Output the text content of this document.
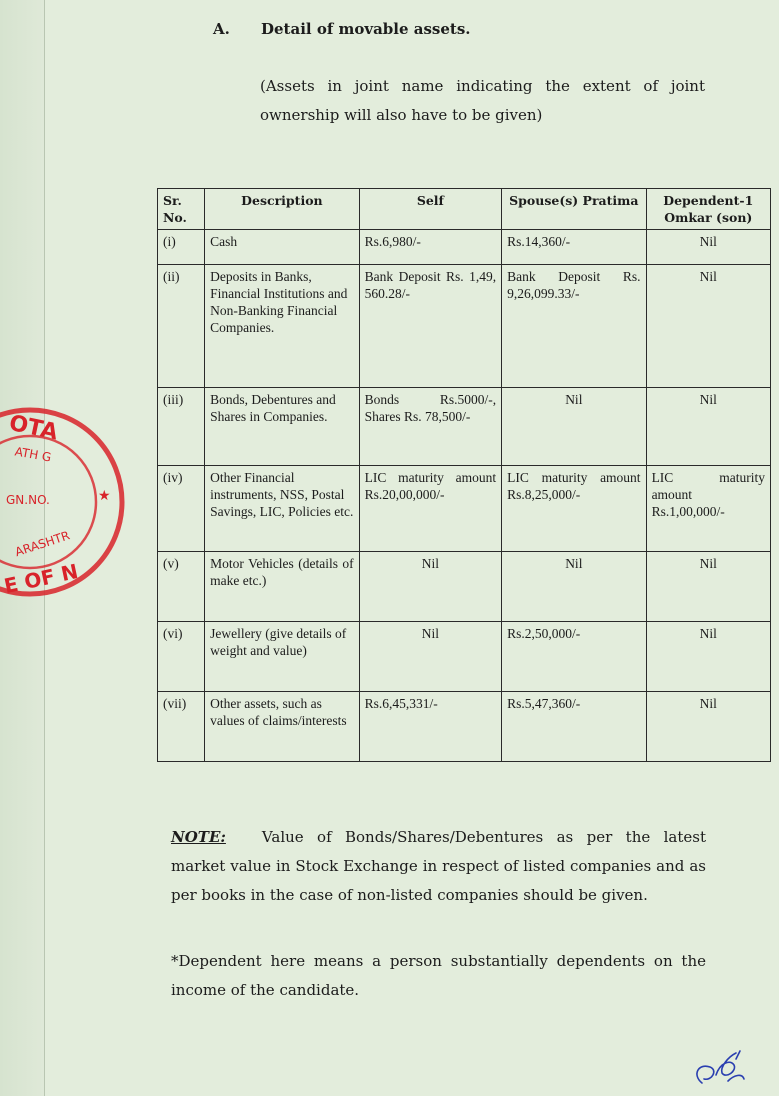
OTA
ATH G
GN.NO.
ARASHTR
E OF N
★
A. Detail of movable assets.
(Assets in joint name indicating the extent of joint ownership will also have to be given)
Sr. No.	Description	Self	Spouse(s) Pratima	Dependent-1 Omkar (son)
(i)	Cash	Rs.6,980/-	Rs.14,360/-	Nil
(ii)	Deposits in Banks, Financial Institutions and Non-Banking Financial Companies.	Bank Deposit Rs. 1,49, 560.28/-	Bank Deposit Rs. 9,26,099.33/-	Nil
(iii)	Bonds, Debentures and Shares in Companies.	Bonds Rs.5000/-, Shares Rs. 78,500/-	Nil	Nil
(iv)	Other Financial instruments, NSS, Postal Savings, LIC, Policies etc.	LIC maturity amount Rs.20,00,000/-	LIC maturity amount Rs.8,25,000/-	LIC maturity amount Rs.1,00,000/-
(v)	Motor Vehicles (details of make etc.)	Nil	Nil	Nil
(vi)	Jewellery (give details of weight and value)	Nil	Rs.2,50,000/-	Nil
(vii)	Other assets, such as values of claims/interests	Rs.6,45,331/-	Rs.5,47,360/-	Nil
NOTE: Value of Bonds/Shares/Debentures as per the latest market value in Stock Exchange in respect of listed companies and as per books in the case of non-listed companies should be given.
*Dependent here means a person substantially dependents on the income of the candidate.
